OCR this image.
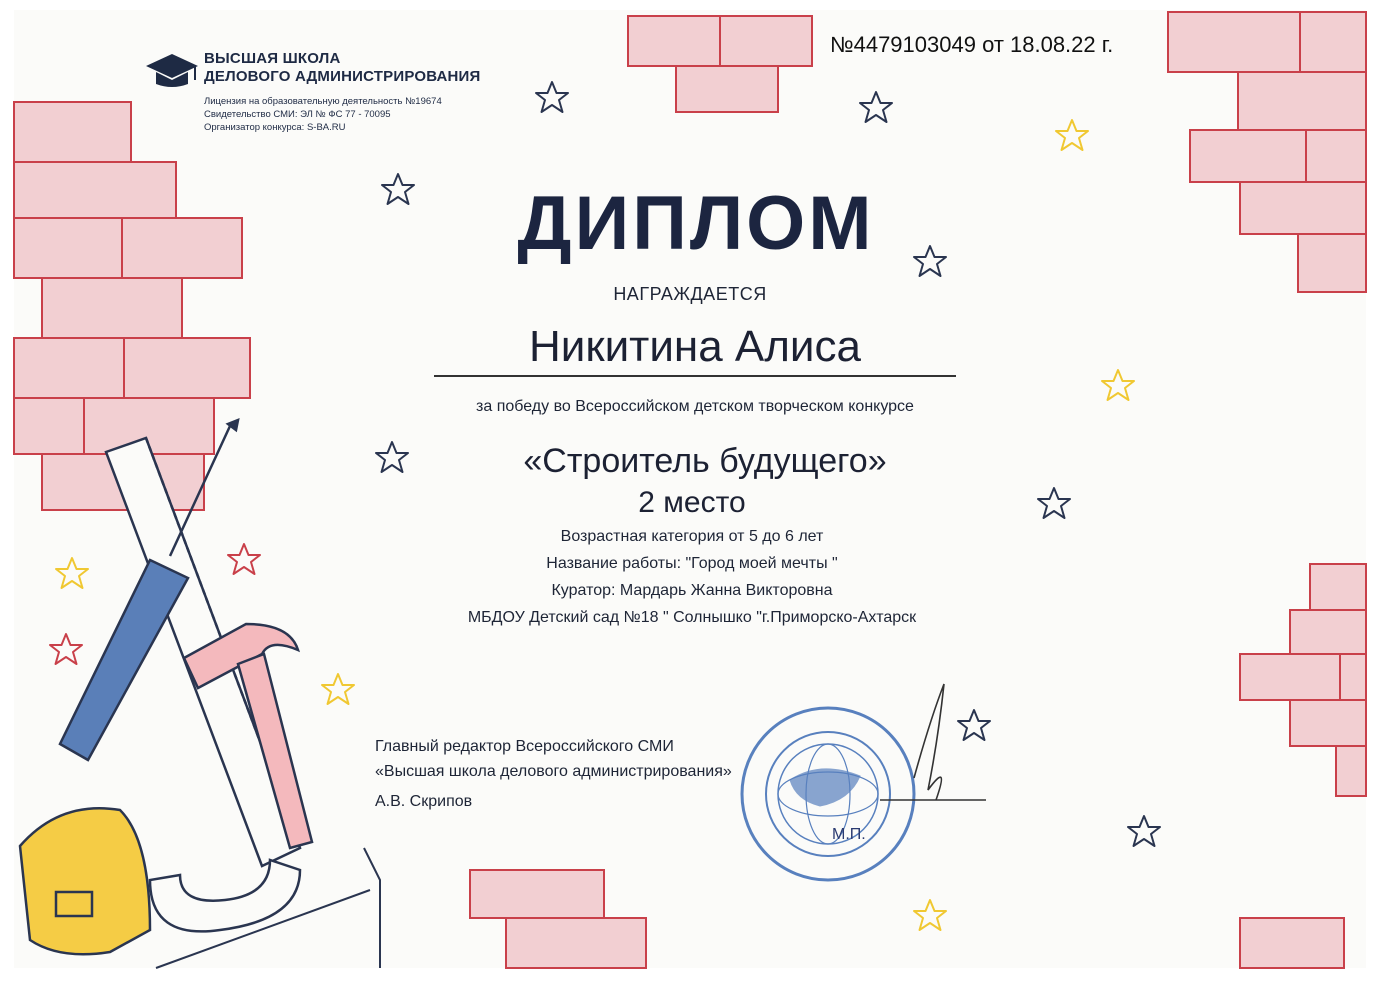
ВЫСШАЯ ШКОЛА
ДЕЛОВОГО АДМИНИСТРИРОВАНИЯ
Лицензия на образовательную деятельность №19674
Свидетельство СМИ: ЭЛ № ФС 77 - 70095
Организатор конкурса: S-BA.RU
№4479103049 от 18.08.22 г.
ДИПЛОМ
НАГРАЖДАЕТСЯ
Никитина Алиса
за победу во Всероссийском детском творческом конкурсе
«Строитель будущего»
2 место
Возрастная категория от 5 до 6 лет
Название работы: "Город моей мечты "
Куратор: Мардарь Жанна Викторовна
МБДОУ Детский сад №18 " Солнышко "г.Приморско-Ахтарск
Главный редактор Всероссийского СМИ
«Высшая школа делового администрирования»
А.В. Скрипов
М.П.
